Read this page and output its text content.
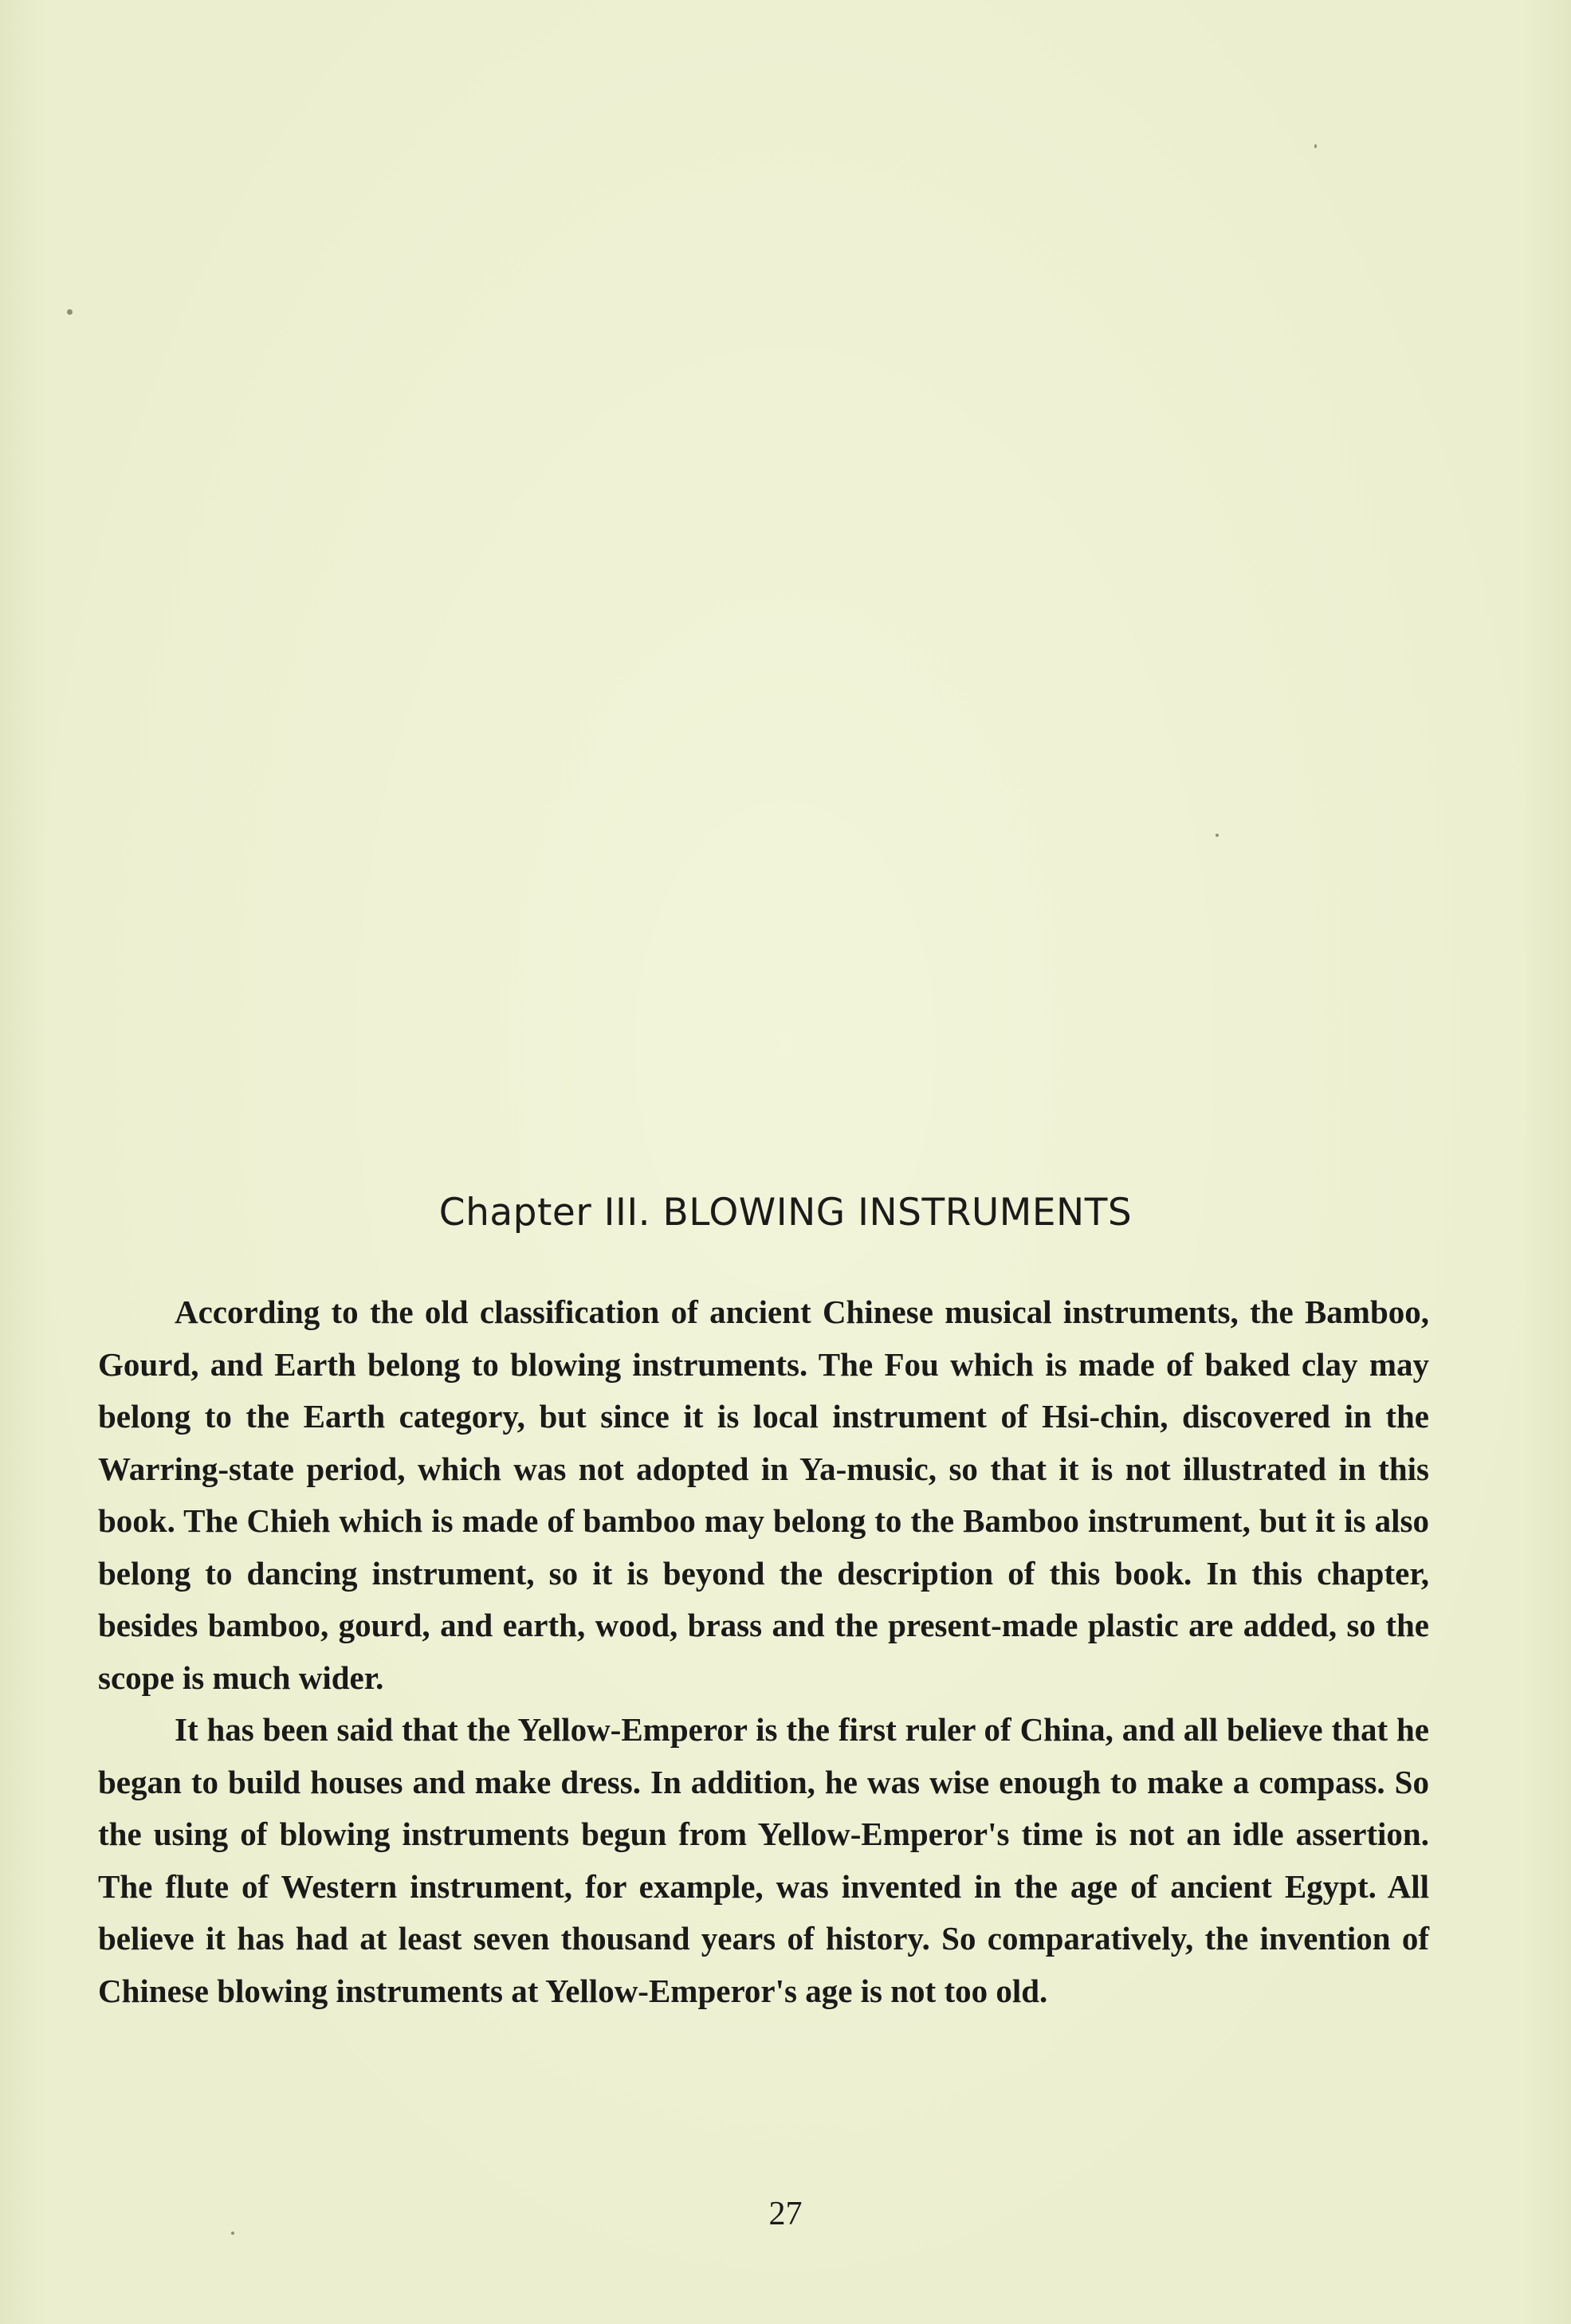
Chapter III. BLOWING INSTRUMENTS

According to the old classification of ancient Chinese musical instruments, the Bamboo, Gourd, and Earth belong to blowing instruments. The Fou which is made of baked clay may belong to the Earth category, but since it is local instrument of Hsi-chin, discovered in the Warring-state period, which was not adopted in Ya-music, so that it is not illustrated in this book. The Chieh which is made of bamboo may belong to the Bamboo instrument, but it is also belong to dancing instrument, so it is beyond the description of this book. In this chapter, besides bamboo, gourd, and earth, wood, brass and the present-made plastic are added, so the scope is much wider.

It has been said that the Yellow-Emperor is the first ruler of China, and all believe that he began to build houses and make dress. In addition, he was wise enough to make a compass. So the using of blowing instruments begun from Yellow-Emperor's time is not an idle assertion. The flute of Western instrument, for example, was invented in the age of ancient Egypt. All believe it has had at least seven thousand years of history. So comparatively, the invention of Chinese blowing instruments at Yellow-Emperor's age is not too old.

27
